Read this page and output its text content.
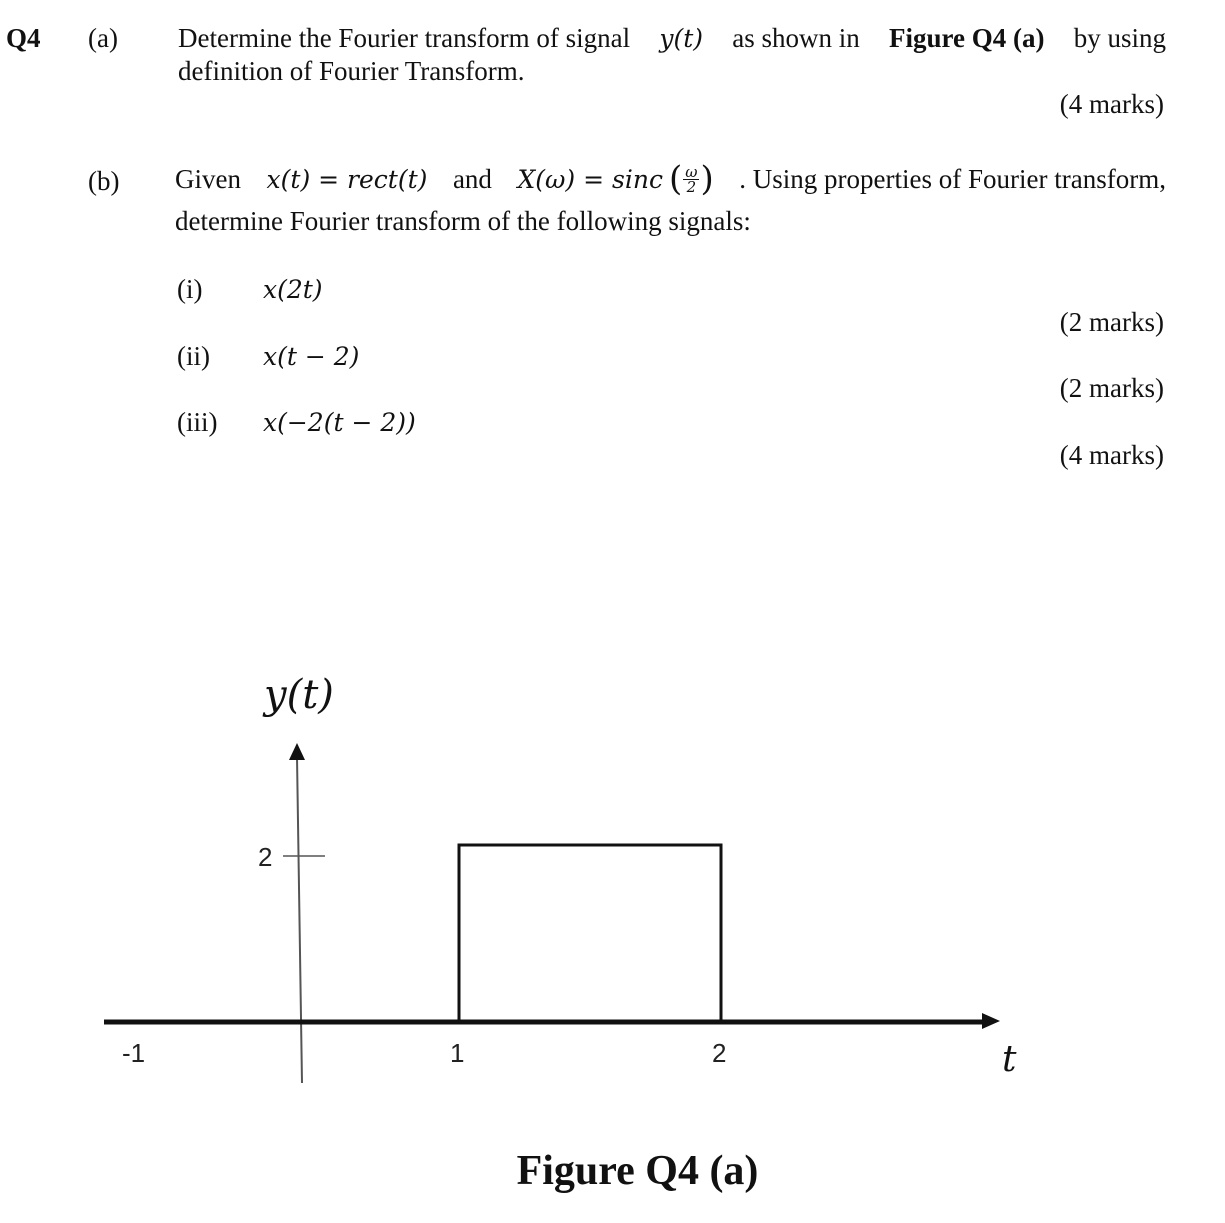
Q4 (a) Determine the Fourier transform of signal y(t) as shown in Figure Q4 (a) by using
definition of Fourier Transform.
(4 marks)
(b) Given x(t) = rect(t) and X(ω) = sinc ( $\frac{\omega}{2}$ ) . Using properties of Fourier transform,
determine Fourier transform of the following signals:
(i) x(2t)
(2 marks)
(ii) x(t − 2)
(2 marks)
(iii) x(−2(t − 2))
(4 marks)
2
-1	1	2	t
y(t)
Figure Q4 (a)
